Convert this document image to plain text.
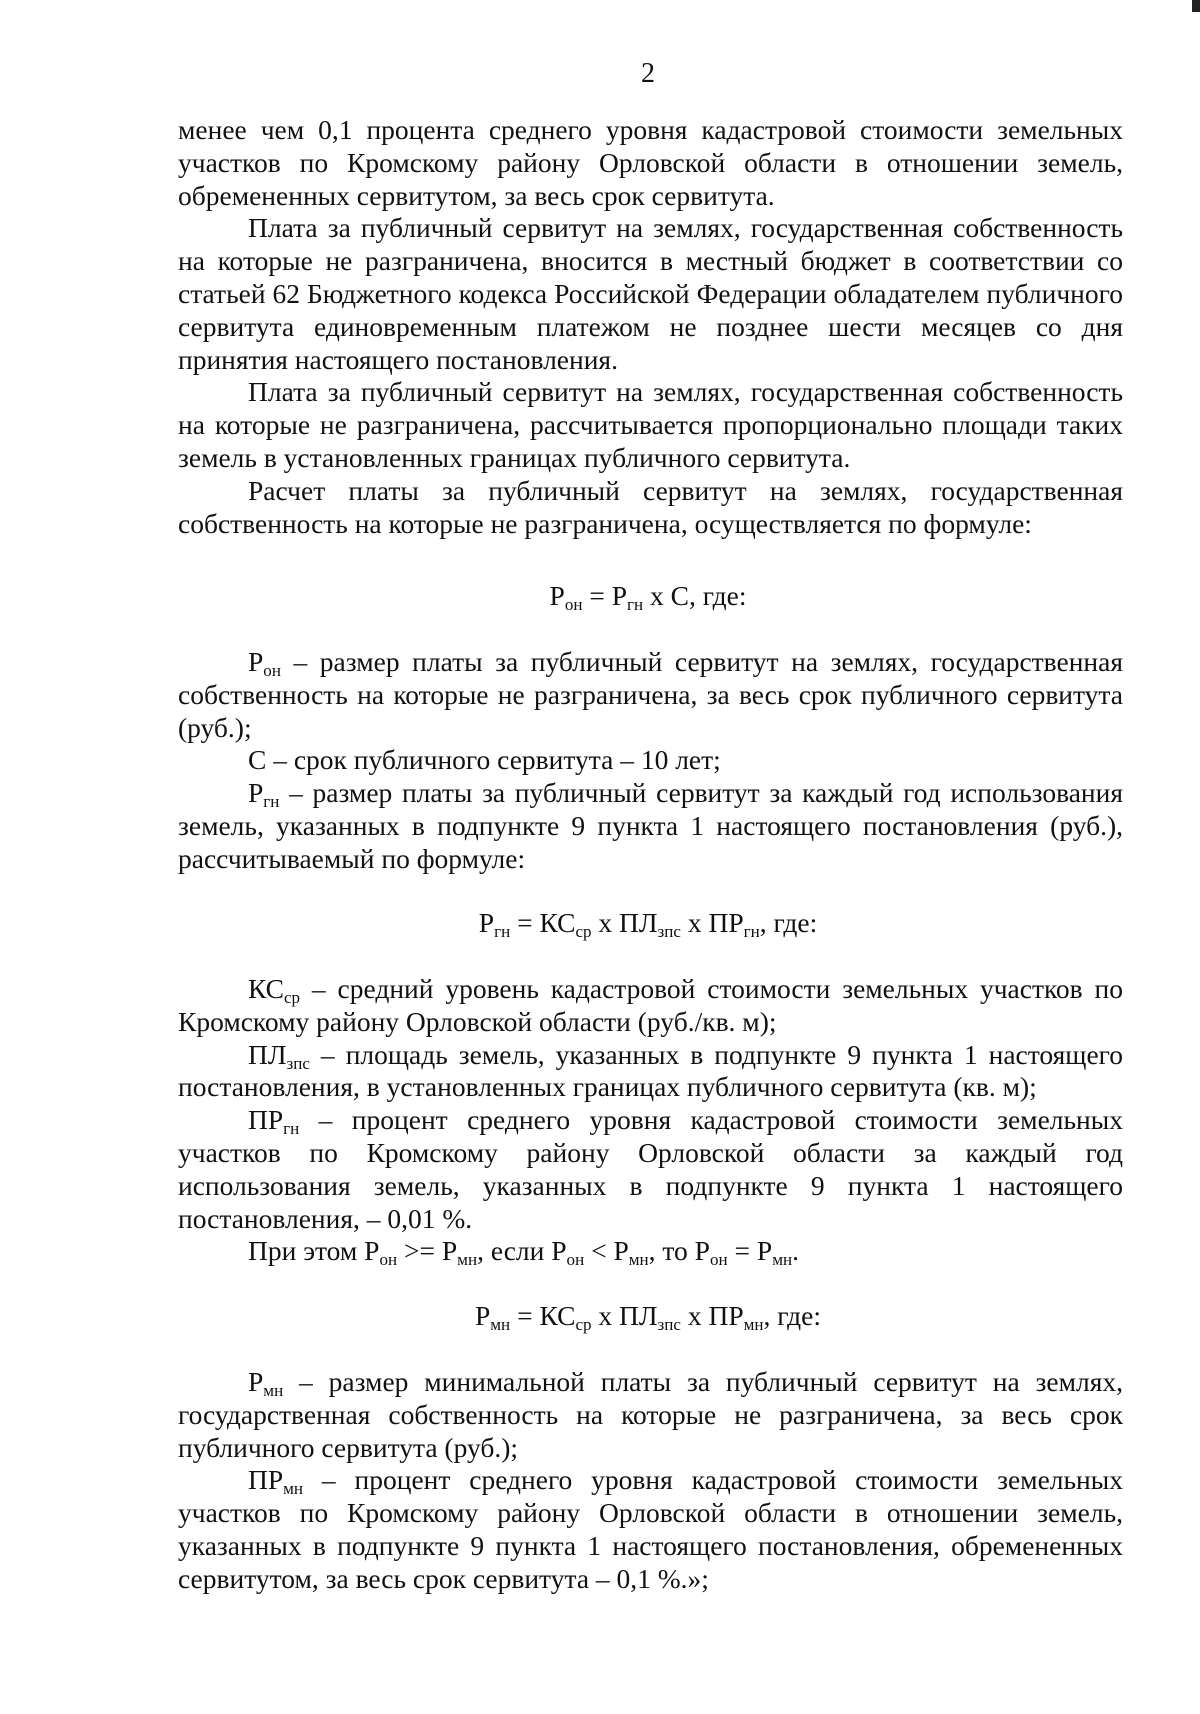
2

менее чем 0,1 процента среднего уровня кадастровой стоимости земельных участков по Кромскому району Орловской области в отношении земель, обремененных сервитутом, за весь срок сервитута.

Плата за публичный сервитут на землях, государственная собственность на которые не разграничена, вносится в местный бюджет в соответствии со статьей 62 Бюджетного кодекса Российской Федерации обладателем публичного сервитута единовременным платежом не позднее шести месяцев со дня принятия настоящего постановления.

Плата за публичный сервитут на землях, государственная собственность на которые не разграничена, рассчитывается пропорционально площади таких земель в установленных границах публичного сервитута.

Расчет платы за публичный сервитут на землях, государственная собственность на которые не разграничена, осуществляется по формуле:

$P_{он} = P_{гн}$ x C, где:

$P_{он}$ – размер платы за публичный сервитут на землях, государственная собственность на которые не разграничена, за весь срок публичного сервитута (руб.);

C – срок публичного сервитута – 10 лет;

$P_{гн}$ – размер платы за публичный сервитут за каждый год использования земель, указанных в подпункте 9 пункта 1 настоящего постановления (руб.), рассчитываемый по формуле:

$P_{гн} = КС_{ср}$ x $ПЛ_{зпс}$ x $ПР_{гн}$, где:

$КС_{ср}$ – средний уровень кадастровой стоимости земельных участков по Кромскому району Орловской области (руб./кв. м);

$ПЛ_{зпс}$ – площадь земель, указанных в подпункте 9 пункта 1 настоящего постановления, в установленных границах публичного сервитута (кв. м);

$ПР_{гн}$ – процент среднего уровня кадастровой стоимости земельных участков по Кромскому району Орловской области за каждый год использования земель, указанных в подпункте 9 пункта 1 настоящего постановления, – 0,01 %.

При этом $P_{он} >= P_{мн}$, если $P_{он} < P_{мн}$, то $P_{он} = P_{мн}$.

$P_{мн} = КС_{ср}$ x $ПЛ_{зпс}$ x $ПР_{мн}$, где:

$P_{мн}$ – размер минимальной платы за публичный сервитут на землях, государственная собственность на которые не разграничена, за весь срок публичного сервитута (руб.);

$ПР_{мн}$ – процент среднего уровня кадастровой стоимости земельных участков по Кромскому району Орловской области в отношении земель, указанных в подпункте 9 пункта 1 настоящего постановления, обремененных сервитутом, за весь срок сервитута – 0,1 %.»;
